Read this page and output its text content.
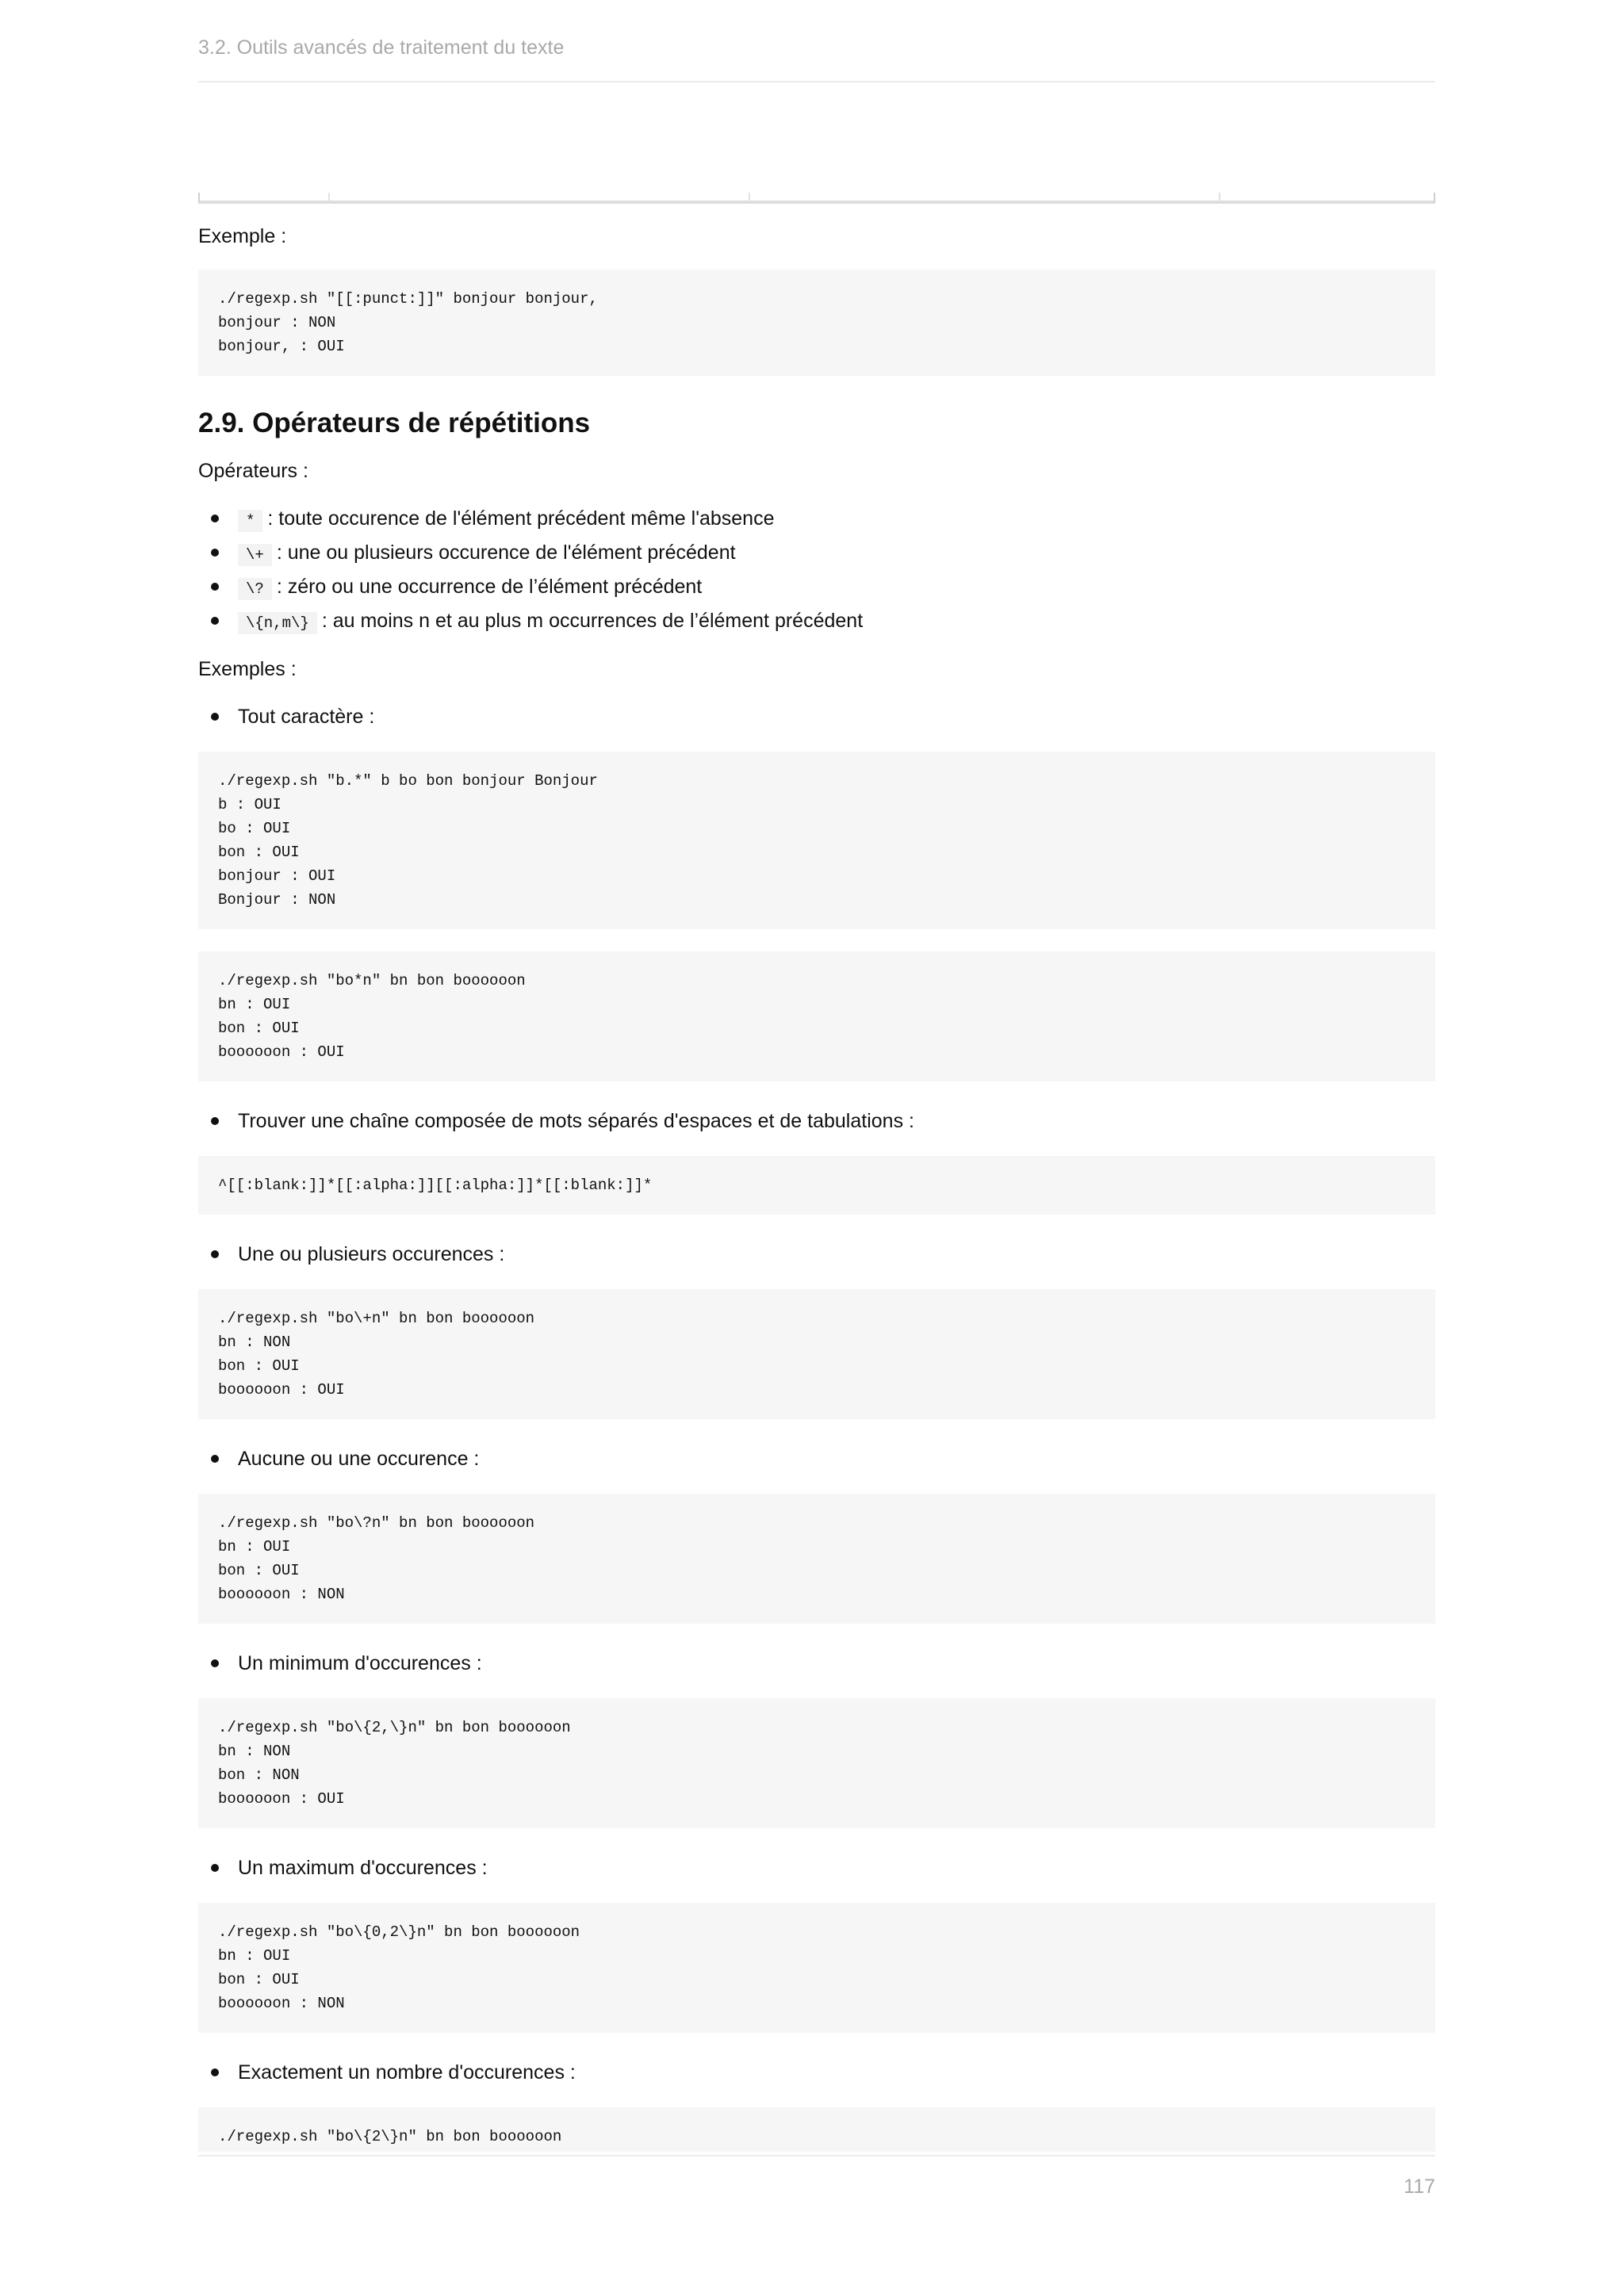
3.2. Outils avancés de traitement du texte

Exemple :

./regexp.sh "[[:punct:]]" bonjour bonjour,
bonjour : NON
bonjour, : OUI
2.9. Opérateurs de répétitions

Opérateurs :

* : toute occurence de l'élément précédent même l'absence
\+ : une ou plusieurs occurence de l'élément précédent
\? : zéro ou une occurrence de l’élément précédent
\{n,m\} : au moins n et au plus m occurrences de l’élément précédent

Exemples :

Tout caractère :
./regexp.sh "b.*" b bo bon bonjour Bonjour
b : OUI
bo : OUI
bon : OUI
bonjour : OUI
Bonjour : NON
./regexp.sh "bo*n" bn bon boooooon
bn : OUI
bon : OUI
boooooon : OUI
Trouver une chaîne composée de mots séparés d'espaces et de tabulations :
^[[:blank:]]*[[:alpha:]][[:alpha:]]*[[:blank:]]*
Une ou plusieurs occurences :
./regexp.sh "bo\+n" bn bon boooooon
bn : NON
bon : OUI
boooooon : OUI
Aucune ou une occurence :
./regexp.sh "bo\?n" bn bon boooooon
bn : OUI
bon : OUI
boooooon : NON
Un minimum d'occurences :
./regexp.sh "bo\{2,\}n" bn bon boooooon
bn : NON
bon : NON
boooooon : OUI
Un maximum d'occurences :
./regexp.sh "bo\{0,2\}n" bn bon boooooon
bn : OUI
bon : OUI
boooooon : NON
Exactement un nombre d'occurences :
./regexp.sh "bo\{2\}n" bn bon boooooon
117
